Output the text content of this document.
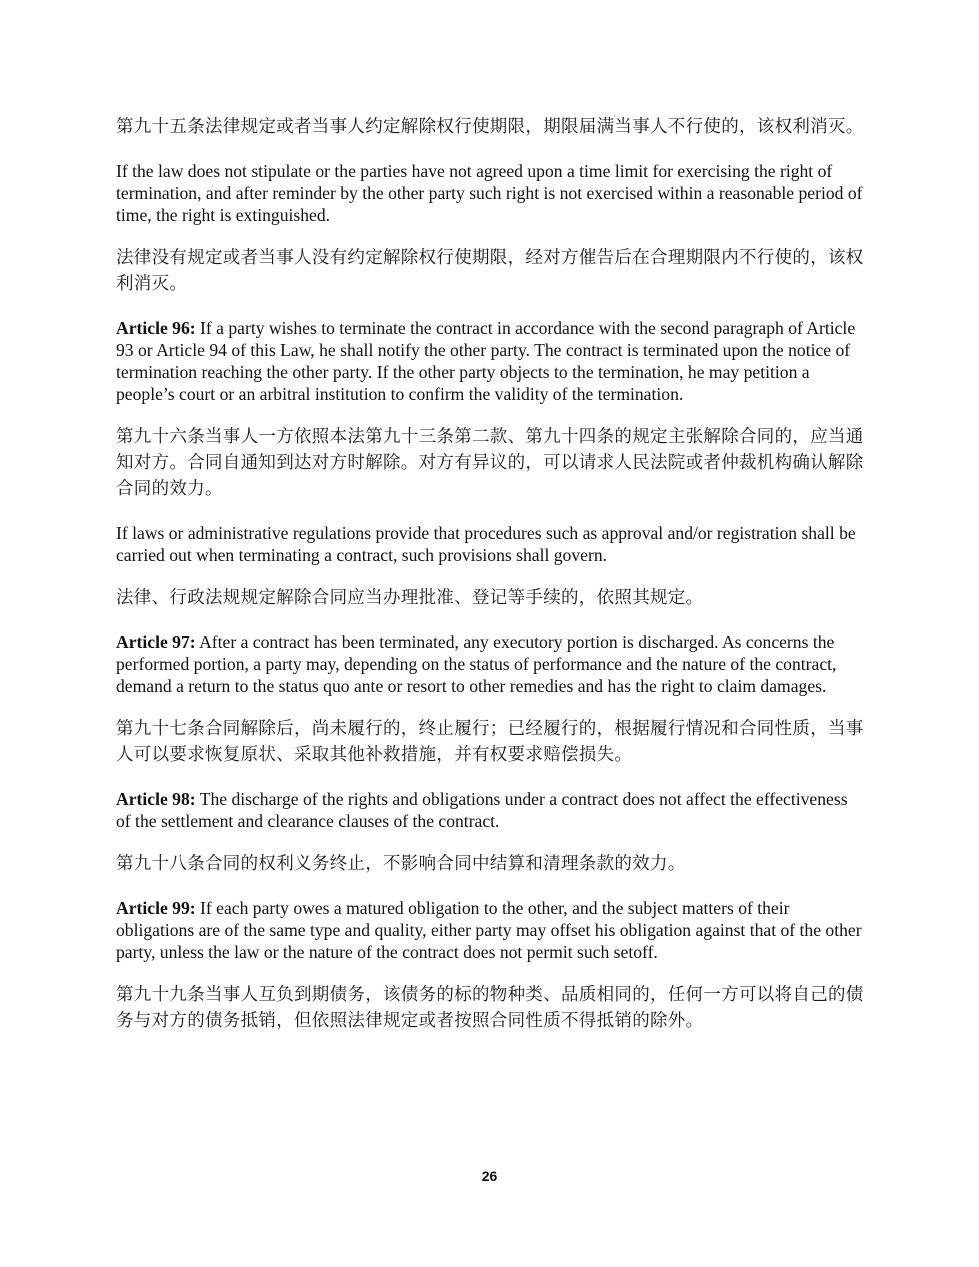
第九十五条法律规定或者当事人约定解除权行使期限，期限届满当事人不行使的，该权利消灭。

If the law does not stipulate or the parties have not agreed upon a time limit for exercising the right of termination, and after reminder by the other party such right is not exercised within a reasonable period of time, the right is extinguished.

法律没有规定或者当事人没有约定解除权行使期限，经对方催告后在合理期限内不行使的，该权利消灭。

Article 96: If a party wishes to terminate the contract in accordance with the second paragraph of Article 93 or Article 94 of this Law, he shall notify the other party. The contract is terminated upon the notice of termination reaching the other party. If the other party objects to the termination, he may petition a people’s court or an arbitral institution to confirm the validity of the termination.

第九十六条当事人一方依照本法第九十三条第二款、第九十四条的规定主张解除合同的，应当通知对方。合同自通知到达对方时解除。对方有异议的，可以请求人民法院或者仲裁机构确认解除合同的效力。

If laws or administrative regulations provide that procedures such as approval and/or registration shall be carried out when terminating a contract, such provisions shall govern.

法律、行政法规规定解除合同应当办理批准、登记等手续的，依照其规定。

Article 97: After a contract has been terminated, any executory portion is discharged. As concerns the performed portion, a party may, depending on the status of performance and the nature of the contract, demand a return to the status quo ante or resort to other remedies and has the right to claim damages.

第九十七条合同解除后，尚未履行的，终止履行；已经履行的，根据履行情况和合同性质，当事人可以要求恢复原状、采取其他补救措施，并有权要求赔偿损失。

Article 98: The discharge of the rights and obligations under a contract does not affect the effectiveness of the settlement and clearance clauses of the contract.

第九十八条合同的权利义务终止，不影响合同中结算和清理条款的效力。

Article 99: If each party owes a matured obligation to the other, and the subject matters of their obligations are of the same type and quality, either party may offset his obligation against that of the other party, unless the law or the nature of the contract does not permit such setoff.

第九十九条当事人互负到期债务，该债务的标的物种类、品质相同的，任何一方可以将自己的债务与对方的债务抵销，但依照法律规定或者按照合同性质不得抵销的除外。

26
